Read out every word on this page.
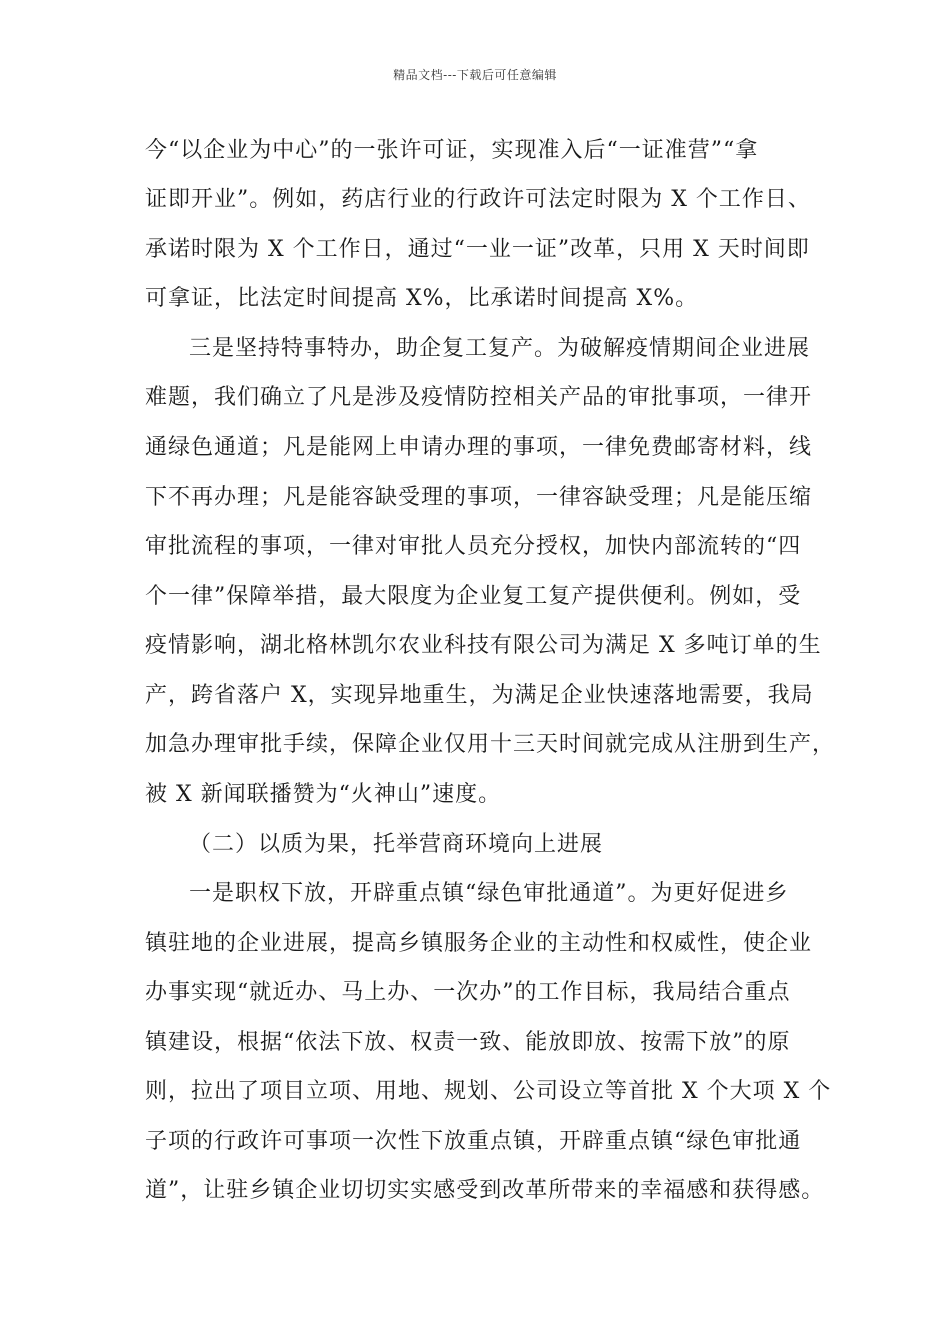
精品文档---下载后可任意编辑
今“以企业为中心”的一张许可证，实现准入后“一证准营”“拿
证即开业”。例如，药店行业的行政许可法定时限为 X 个工作日、
承诺时限为 X 个工作日，通过“一业一证”改革，只用 X 天时间即
可拿证，比法定时间提高 X%，比承诺时间提高 X%。
三是坚持特事特办，助企复工复产。为破解疫情期间企业进展
难题，我们确立了凡是涉及疫情防控相关产品的审批事项，一律开
通绿色通道；凡是能网上申请办理的事项，一律免费邮寄材料，线
下不再办理；凡是能容缺受理的事项，一律容缺受理；凡是能压缩
审批流程的事项，一律对审批人员充分授权，加快内部流转的“四
个一律”保障举措，最大限度为企业复工复产提供便利。例如，受
疫情影响，湖北格林凯尔农业科技有限公司为满足 X 多吨订单的生
产，跨省落户 X，实现异地重生，为满足企业快速落地需要，我局
加急办理审批手续，保障企业仅用十三天时间就完成从注册到生产，
被 X 新闻联播赞为“火神山”速度。
（二）以质为果，托举营商环境向上进展
一是职权下放，开辟重点镇“绿色审批通道”。为更好促进乡
镇驻地的企业进展，提高乡镇服务企业的主动性和权威性，使企业
办事实现“就近办、马上办、一次办”的工作目标，我局结合重点
镇建设，根据“依法下放、权责一致、能放即放、按需下放”的原
则，拉出了项目立项、用地、规划、公司设立等首批 X 个大项 X 个
子项的行政许可事项一次性下放重点镇，开辟重点镇“绿色审批通
道”，让驻乡镇企业切切实实感受到改革所带来的幸福感和获得感。
